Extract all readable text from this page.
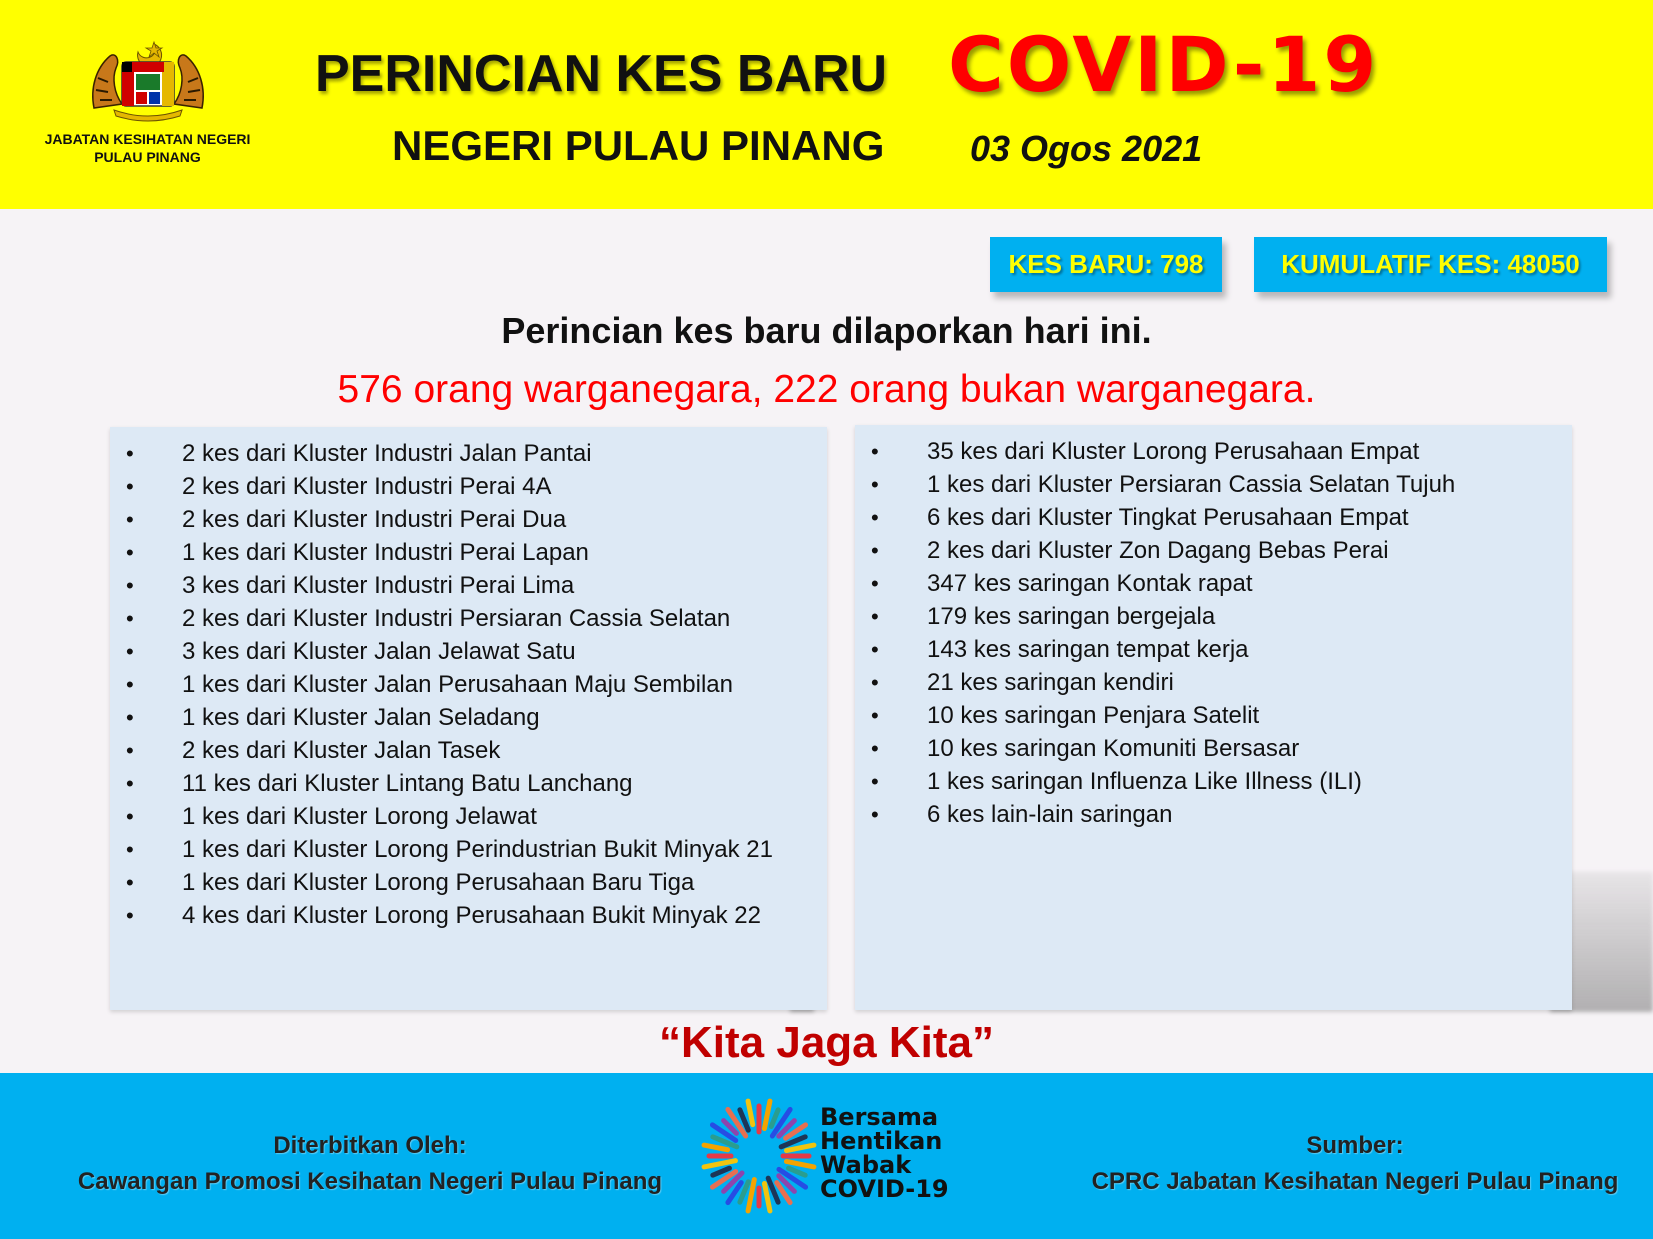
JABATAN KESIHATAN NEGERI
PULAU PINANG
PERINCIAN KES BARU COVID-19
NEGERI PULAU PINANG 03 Ogos 2021
KES BARU: 798	KUMULATIF KES: 48050
Perincian kes baru dilaporkan hari ini.
576 orang warganegara, 222 orang bukan warganegara.
• 2 kes dari Kluster Industri Jalan Pantai
• 2 kes dari Kluster Industri Perai 4A
• 2 kes dari Kluster Industri Perai Dua
• 1 kes dari Kluster Industri Perai Lapan
• 3 kes dari Kluster Industri Perai Lima
• 2 kes dari Kluster Industri Persiaran Cassia Selatan
• 3 kes dari Kluster Jalan Jelawat Satu
• 1 kes dari Kluster Jalan Perusahaan Maju Sembilan
• 1 kes dari Kluster Jalan Seladang
• 2 kes dari Kluster Jalan Tasek
• 11 kes dari Kluster Lintang Batu Lanchang
• 1 kes dari Kluster Lorong Jelawat
• 1 kes dari Kluster Lorong Perindustrian Bukit Minyak 21
• 1 kes dari Kluster Lorong Perusahaan Baru Tiga
• 4 kes dari Kluster Lorong Perusahaan Bukit Minyak 22
• 35 kes dari Kluster Lorong Perusahaan Empat
• 1 kes dari Kluster Persiaran Cassia Selatan Tujuh
• 6 kes dari Kluster Tingkat Perusahaan Empat
• 2 kes dari Kluster Zon Dagang Bebas Perai
• 347 kes saringan Kontak rapat
• 179 kes saringan bergejala
• 143 kes saringan tempat kerja
• 21 kes saringan kendiri
• 10 kes saringan Penjara Satelit
• 10 kes saringan Komuniti Bersasar
• 1 kes saringan Influenza Like Illness (ILI)
• 6 kes lain-lain saringan
“Kita Jaga Kita”
Diterbitkan Oleh:
Cawangan Promosi Kesihatan Negeri Pulau Pinang
Sumber:
CPRC Jabatan Kesihatan Negeri Pulau Pinang
Bersama
Hentikan
Wabak
COVID-19
